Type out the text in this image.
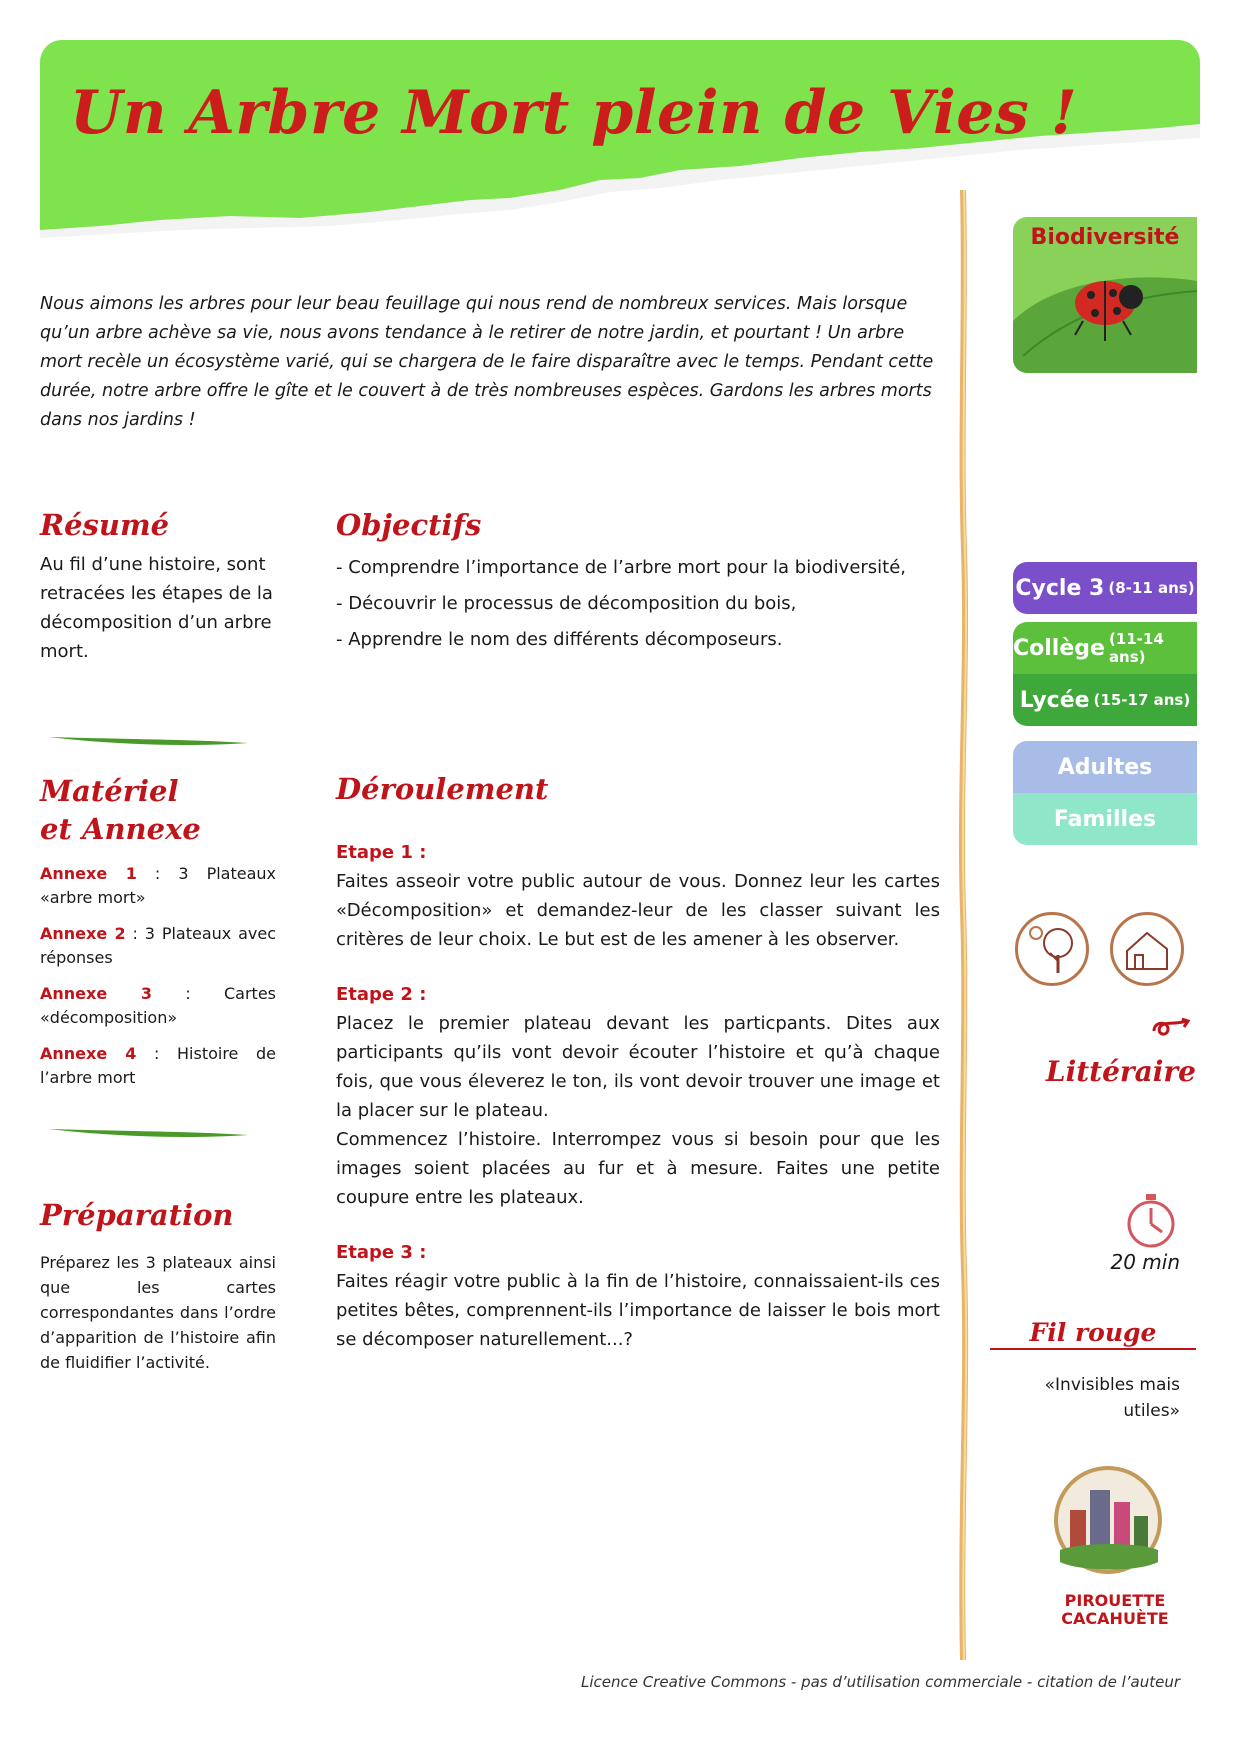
Un Arbre Mort plein de Vies !
Nous aimons les arbres pour leur beau feuillage qui nous rend de nombreux services. Mais lorsque qu’un arbre achève sa vie, nous avons tendance à le retirer de notre jardin, et pourtant ! Un arbre mort recèle un écosystème varié, qui se chargera de le faire disparaître avec le temps. Pendant cette durée, notre arbre offre le gîte et le couvert à de très nombreuses espèces. Gardons les arbres morts dans nos jardins !
Résumé
Au fil d’une histoire, sont retracées les étapes de la décomposition d’un arbre mort.
Objectifs
- Comprendre l’importance de l’arbre mort pour la biodiversité,
- Découvrir le processus de décomposition du bois,
- Apprendre le nom des différents décomposeurs.
Matériel
et Annexe
Annexe 1 : 3 Plateaux «arbre mort»
Annexe 2 : 3 Plateaux avec réponses
Annexe 3 : Cartes «décomposition»
Annexe 4 : Histoire de l’arbre mort
Préparation
Préparez les 3 plateaux ainsi que les cartes correspondantes dans l’ordre d’apparition de l’histoire afin de fluidifier l’activité.
Déroulement
Etape 1 :
Faites asseoir votre public autour de vous. Donnez leur les cartes «Décomposition» et demandez-leur de les classer suivant les critères de leur choix. Le but est de les amener à les observer.
Etape 2 :
Placez le premier plateau devant les particpants. Dites aux participants qu’ils vont devoir écouter l’histoire et qu’à chaque fois, que vous éleverez le ton, ils vont devoir trouver une image et la placer sur le plateau.
Commencez l’histoire. Interrompez vous si besoin pour que les images soient placées au fur et à mesure. Faites une petite coupure entre les plateaux.
Etape 3 :
Faites réagir votre public à la fin de l’histoire, connaissaient-ils ces petites bêtes, comprennent-ils l’importance de laisser le bois mort se décomposer naturellement...?
Biodiversité
Cycle 3 (8-11 ans)
Collège (11-14 ans)
Lycée (15-17 ans)
Adultes
Familles
Littéraire
20 min
Fil rouge
«Invisibles mais utiles»
PIROUETTE
CACAHUÈTE
Licence Creative Commons - pas d’utilisation commerciale - citation de l’auteur
